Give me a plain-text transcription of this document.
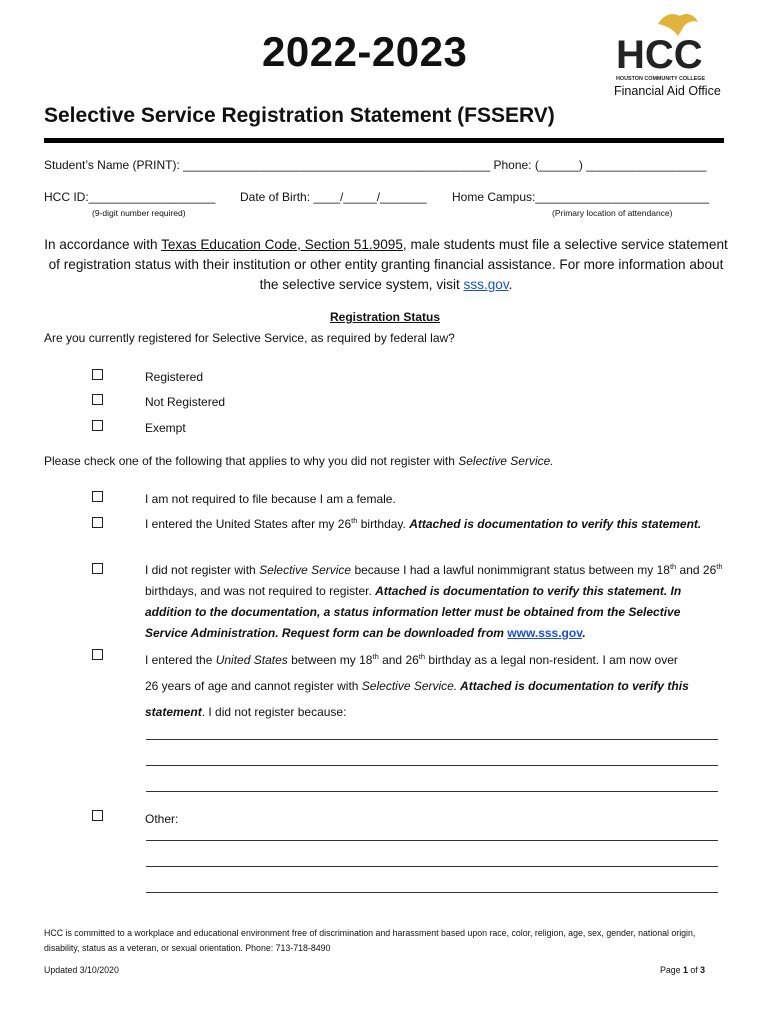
2022-2023	HCC
HOUSTON COMMUNITY COLLEGE
Financial Aid Office
Selective Service Registration Statement (FSSERV)
Student’s Name (PRINT): ______________________________________________ Phone: (______) __________________
HCC ID:___________________ Date of Birth: ____/_____/_______ Home Campus:__________________________
(9-digit number required)	(Primary location of attendance)
In accordance with Texas Education Code, Section 51.9095, male students must file a selective service statement of registration status with their institution or other entity granting financial assistance. For more information about the selective service system, visit sss.gov.
Registration Status
Are you currently registered for Selective Service, as required by federal law?
Registered
Not Registered
Exempt
Please check one of the following that applies to why you did not register with Selective Service.
I am not required to file because I am a female.
I entered the United States after my 26th birthday. Attached is documentation to verify this statement.
I did not register with Selective Service because I had a lawful nonimmigrant status between my 18th and 26th birthdays, and was not required to register. Attached is documentation to verify this statement. In addition to the documentation, a status information letter must be obtained from the Selective Service Administration. Request form can be downloaded from www.sss.gov.
I entered the United States between my 18th and 26th birthday as a legal non-resident. I am now over
26 years of age and cannot register with Selective Service. Attached is documentation to verify this
statement. I did not register because:
Other:
HCC is committed to a workplace and educational environment free of discrimination and harassment based upon race, color, religion, age, sex, gender, national origin, disability, status as a veteran, or sexual orientation. Phone: 713-718-8490
Updated 3/10/2020	Page 1 of 3
